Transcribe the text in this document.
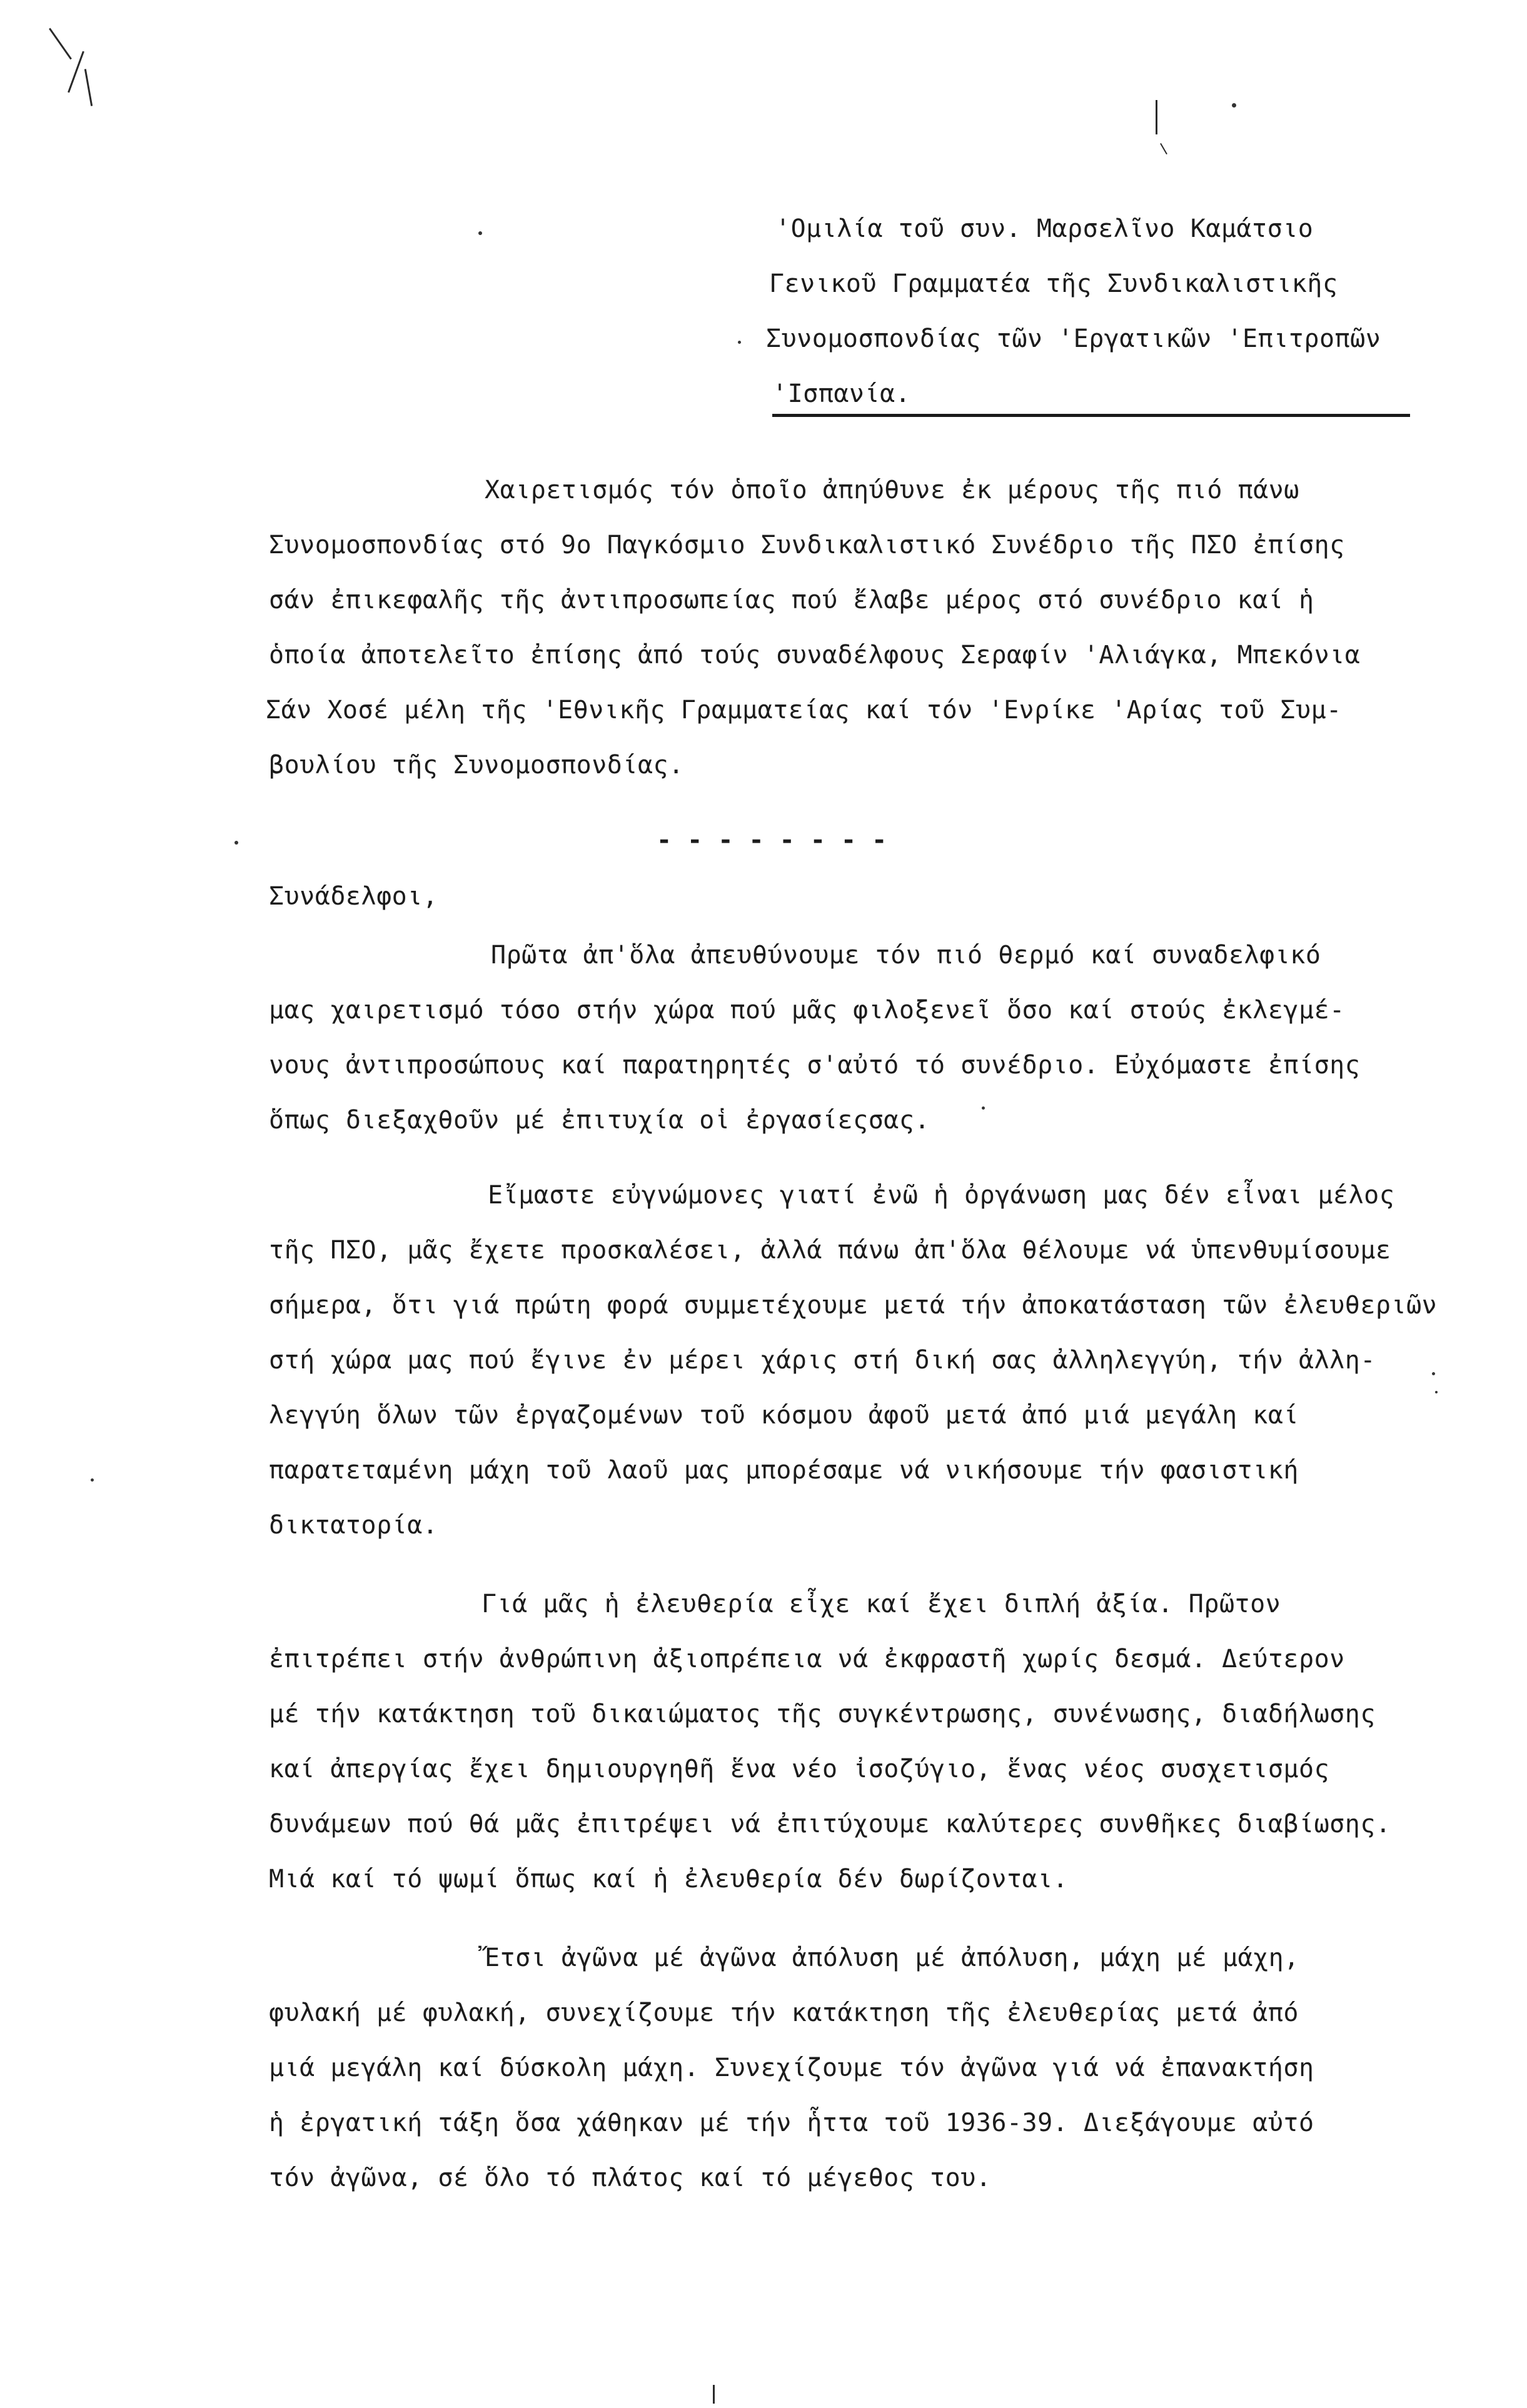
'Ομιλία τοῦ συν. Μαρσελῖνο Καμάτσιο
Γενικοῦ Γραμματέα τῆς Συνδικαλιστικῆς
Συνομοσπονδίας τῶν 'Εργατικῶν 'Επιτροπῶν
'Ισπανία.
Χαιρετισμός τόν ὁποῖο ἀπηύθυνε ἐκ μέρους τῆς πιό πάνω
Συνομοσπονδίας στό 9ο Παγκόσμιο Συνδικαλιστικό Συνέδριο τῆς ΠΣΟ ἐπίσης
σάν ἐπικεφαλῆς τῆς ἀντιπροσωπείας πού ἔλαβε μέρος στό συνέδριο καί ἡ
ὁποία ἀποτελεῖτο ἐπίσης ἀπό τούς συναδέλφους Σεραφίν 'Αλιάγκα, Μπεκόνια
Σάν Χοσέ μέλη τῆς 'Εθνικῆς Γραμματείας καί τόν 'Ενρίκε 'Αρίας τοῦ Συμ-
βουλίου τῆς Συνομοσπονδίας.
- - - - - - - -
Συνάδελφοι,
Πρῶτα ἀπ'ὅλα ἀπευθύνουμε τόν πιό θερμό καί συναδελφικό
μας χαιρετισμό τόσο στήν χώρα πού μᾶς φιλοξενεῖ ὅσο καί στούς ἐκλεγμέ-
νους ἀντιπροσώπους καί παρατηρητές σ'αὐτό τό συνέδριο. Εὐχόμαστε ἐπίσης
ὅπως διεξαχθοῦν μέ ἐπιτυχία οἱ ἐργασίεςσας.
Εἴμαστε εὐγνώμονες γιατί ἐνῶ ἡ ὀργάνωση μας δέν εἶναι μέλος
τῆς ΠΣΟ, μᾶς ἔχετε προσκαλέσει, ἀλλά πάνω ἀπ'ὅλα θέλουμε νά ὑπενθυμίσουμε
σήμερα, ὅτι γιά πρώτη φορά συμμετέχουμε μετά τήν ἀποκατάσταση τῶν ἐλευθεριῶν
στή χώρα μας πού ἔγινε ἐν μέρει χάρις στή δική σας ἀλληλεγγύη, τήν ἀλλη-
λεγγύη ὅλων τῶν ἐργαζομένων τοῦ κόσμου ἀφοῦ μετά ἀπό μιά μεγάλη καί
παρατεταμένη μάχη τοῦ λαοῦ μας μπορέσαμε νά νικήσουμε τήν φασιστική
δικτατορία.
Γιά μᾶς ἡ ἐλευθερία εἶχε καί ἔχει διπλή ἀξία. Πρῶτον
ἐπιτρέπει στήν ἀνθρώπινη ἀξιοπρέπεια νά ἐκφραστῆ χωρίς δεσμά. Δεύτερον
μέ τήν κατάκτηση τοῦ δικαιώματος τῆς συγκέντρωσης, συνένωσης, διαδήλωσης
καί ἀπεργίας ἔχει δημιουργηθῆ ἕνα νέο ἰσοζύγιο, ἕνας νέος συσχετισμός
δυνάμεων πού θά μᾶς ἐπιτρέψει νά ἐπιτύχουμε καλύτερες συνθῆκες διαβίωσης.
Μιά καί τό ψωμί ὅπως καί ἡ ἐλευθερία δέν δωρίζονται.
Ἔτσι ἀγῶνα μέ ἀγῶνα ἀπόλυση μέ ἀπόλυση, μάχη μέ μάχη,
φυλακή μέ φυλακή, συνεχίζουμε τήν κατάκτηση τῆς ἐλευθερίας μετά ἀπό
μιά μεγάλη καί δύσκολη μάχη. Συνεχίζουμε τόν ἀγῶνα γιά νά ἐπανακτήση
ἡ ἐργατική τάξη ὅσα χάθηκαν μέ τήν ἧττα τοῦ 1936-39. Διεξάγουμε αὐτό
τόν ἀγῶνα, σέ ὅλο τό πλάτος καί τό μέγεθος του.
